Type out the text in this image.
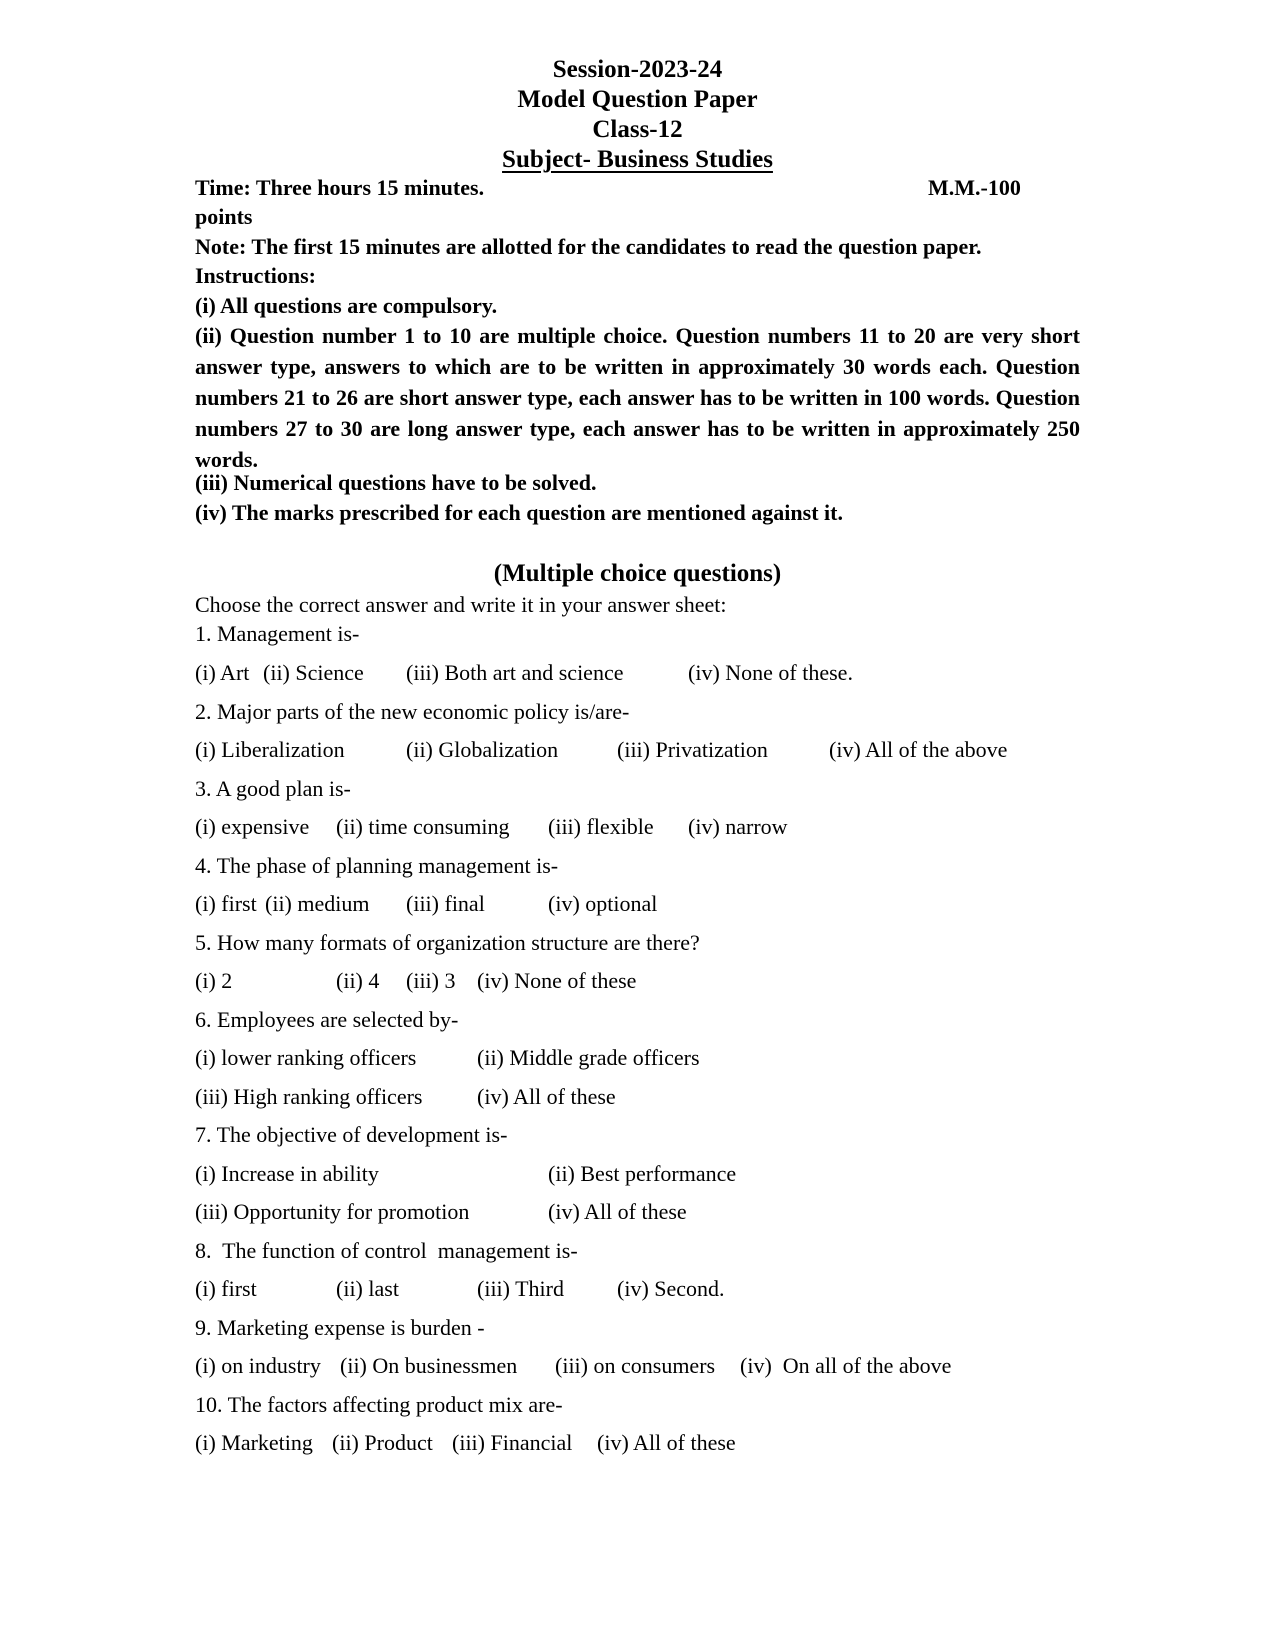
Session-2023-24
Model Question Paper
Class-12
Subject- Business Studies
Time: Three hours 15 minutes.	M.M.-100
points
Note: The first 15 minutes are allotted for the candidates to read the question paper.
Instructions:
(i) All questions are compulsory.

(ii) Question number 1 to 10 are multiple choice. Question numbers 11 to 20 are very short answer type, answers to which are to be written in approximately 30 words each. Question numbers 21 to 26 are short answer type, each answer has to be written in 100 words. Question numbers 27 to 30 are long answer type, each answer has to be written in approximately 250 words.

(iii) Numerical questions have to be solved.
(iv) The marks prescribed for each question are mentioned against it.
(Multiple choice questions)
Choose the correct answer and write it in your answer sheet:
1. Management is-
(i) Art (ii) Science (iii) Both art and science	(iv) None of these.
2. Major parts of the new economic policy is/are-
(i) Liberalization	(ii) Globalization	(iii) Privatization	(iv) All of the above
3. A good plan is-
(i) expensive (ii) time consuming (iii) flexible (iv) narrow
4. The phase of planning management is-
(i) first (ii) medium (iii) final	(iv) optional
5. How many formats of organization structure are there?
(i) 2	(ii) 4 (iii) 3 (iv) None of these
6. Employees are selected by-
(i) lower ranking officers	(ii) Middle grade officers
(iii) High ranking officers (iv) All of these
7. The objective of development is-
(i) Increase in ability	(ii) Best performance
(iii) Opportunity for promotion	(iv) All of these
8.  The function of control  management is-
(i) first	(ii) last	(iii) Third (iv) Second.
9. Marketing expense is burden -
(i) on industry (ii) On businessmen (iii) on consumers (iv)  On all of the above
10. The factors affecting product mix are-
(i) Marketing (ii) Product (iii) Financial (iv) All of these
